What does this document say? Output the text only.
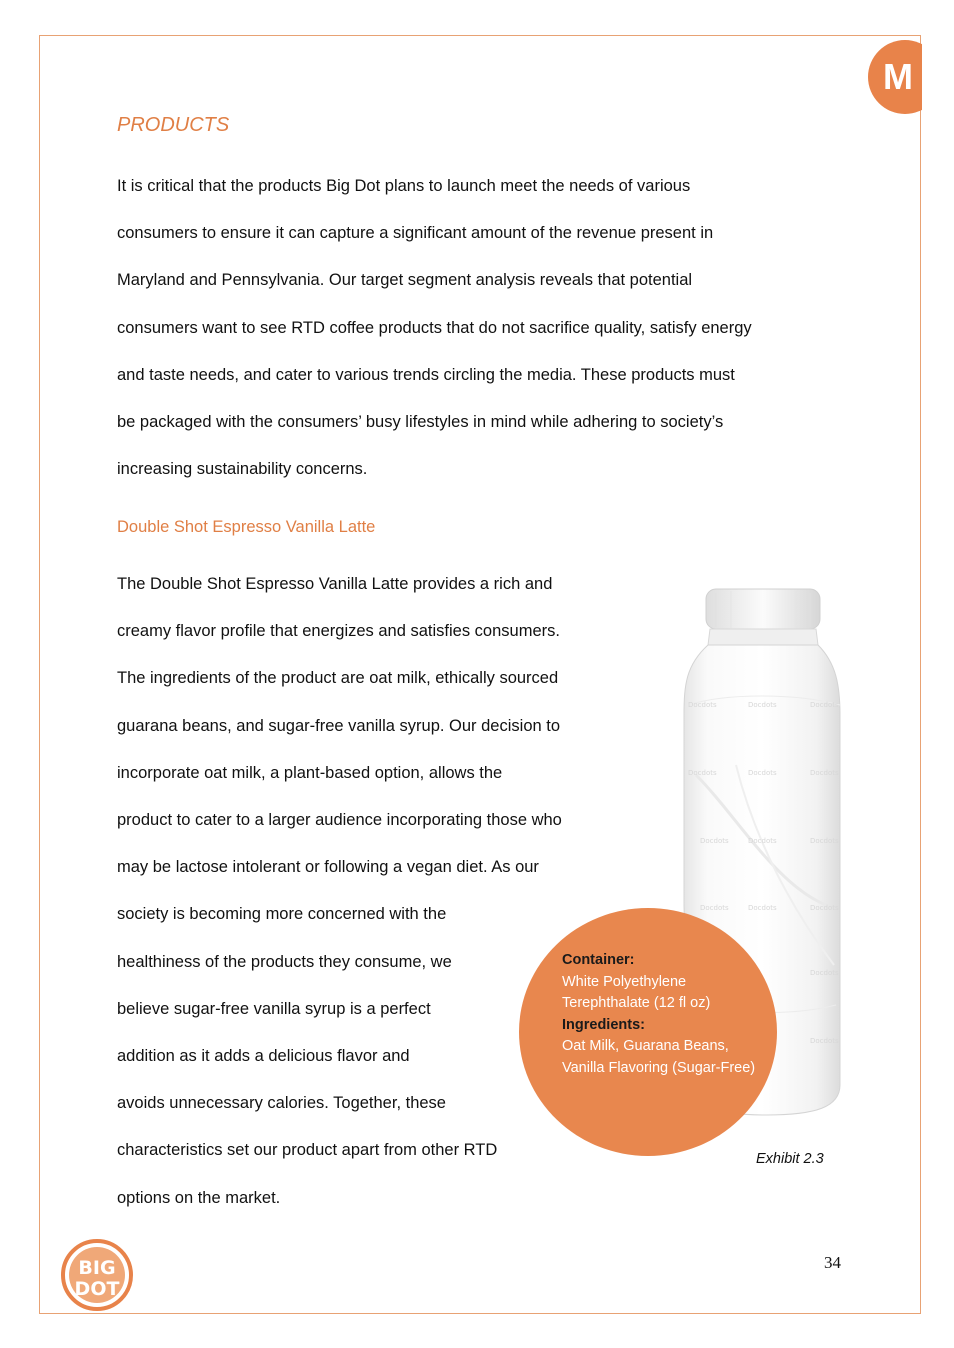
M
PRODUCTS
It is critical that the products Big Dot plans to launch meet the needs of various
consumers to ensure it can capture a significant amount of the revenue present in
Maryland and Pennsylvania. Our target segment analysis reveals that potential
consumers want to see RTD coffee products that do not sacrifice quality, satisfy energy
and taste needs, and cater to various trends circling the media. These products must
be packaged with the consumers’ busy lifestyles in mind while adhering to society’s
increasing sustainability concerns.
Double Shot Espresso Vanilla Latte
The Double Shot Espresso Vanilla Latte provides a rich and
creamy flavor profile that energizes and satisfies consumers.
The ingredients of the product are oat milk, ethically sourced
guarana beans, and sugar-free vanilla syrup. Our decision to
incorporate oat milk, a plant-based option, allows the
product to cater to a larger audience incorporating those who
may be lactose intolerant or following a vegan diet. As our
society is becoming more concerned with the
healthiness of the products they consume, we
believe sugar-free vanilla syrup is a perfect
addition as it adds a delicious flavor and
avoids unnecessary calories. Together, these
characteristics set our product apart from other RTD
options on the market.
Docdots	Docdots	Docdots
Docdots	Docdots	Docdots
Docdots	Docdots	Docdots
Docdots	Docdots	Docdots
Docdots
Docdots
Container:
White Polyethylene Terephthalate (12 fl oz)
Ingredients:
Oat Milk, Guarana Beans, Vanilla Flavoring (Sugar-Free)
Exhibit 2.3
34
BIG
DOT
